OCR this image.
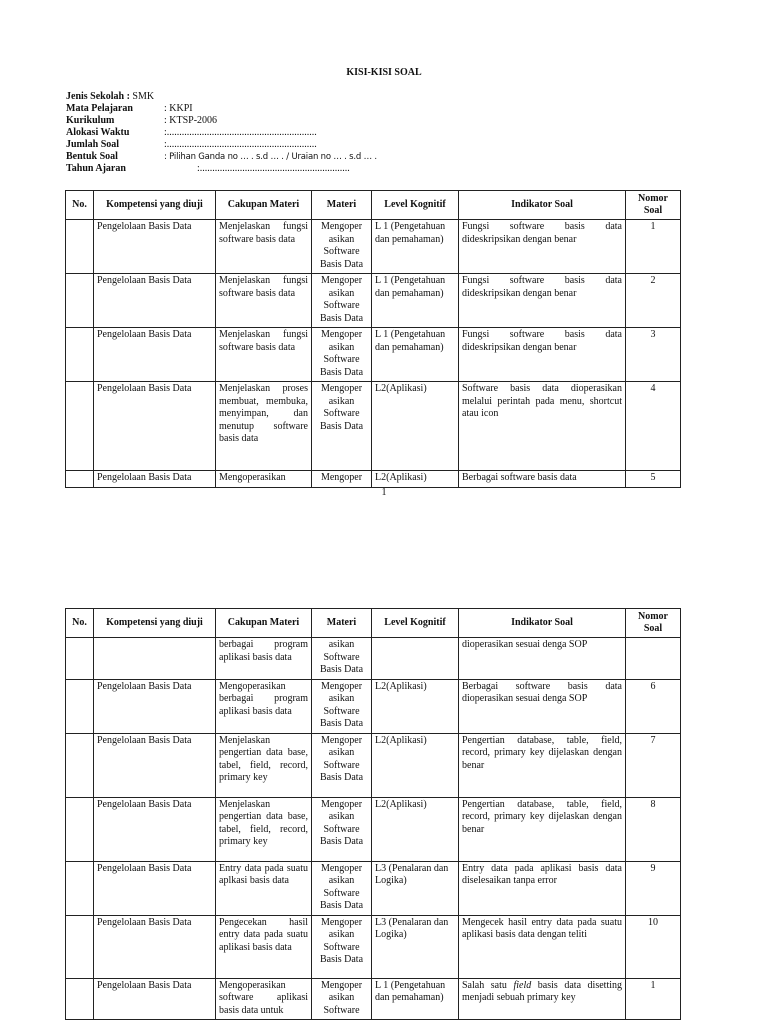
KISI-KISI SOAL
Jenis Sekolah : SMK
Mata Pelajaran	: KKPI
Kurikulum	: KTSP-2006
Alokasi Waktu	:............................................................
Jumlah Soal	:............................................................
Bentuk Soal	: Pilihan Ganda no … . s.d … . / Uraian no … . s.d … .
Tahun Ajaran	:............................................................
No.	Kompetensi yang diuji	Cakupan Materi	Materi	Level Kognitif	Indikator Soal	Nomor
Soal
	Pengelolaan Basis Data	Menjelaskan fungsi software basis data	Mengoper
asikan
Software
Basis Data	L 1 (Pengetahuan dan pemahaman)	Fungsi software basis data dideskripsikan dengan benar	1
	Pengelolaan Basis Data	Menjelaskan fungsi software basis data	Mengoper
asikan
Software
Basis Data	L 1 (Pengetahuan dan pemahaman)	Fungsi software basis data dideskripsikan dengan benar	2
	Pengelolaan Basis Data	Menjelaskan fungsi software basis data	Mengoper
asikan
Software
Basis Data	L 1 (Pengetahuan dan pemahaman)	Fungsi software basis data dideskripsikan dengan benar	3
	Pengelolaan Basis Data	Menjelaskan proses membuat, membuka, menyimpan, dan menutup software basis data	Mengoper
asikan
Software
Basis Data	L2(Aplikasi)	Software basis data dioperasikan melalui perintah pada menu, shortcut atau icon	4
	Pengelolaan Basis Data	Mengoperasikan	Mengoper	L2(Aplikasi)	Berbagai software basis data	5
1
No.	Kompetensi yang diuji	Cakupan Materi	Materi	Level Kognitif	Indikator Soal	Nomor
Soal
		berbagai program aplikasi basis data	asikan
Software
Basis Data		dioperasikan sesuai denga SOP	
	Pengelolaan Basis Data	Mengoperasikan berbagai program aplikasi basis data	Mengoper
asikan
Software
Basis Data	L2(Aplikasi)	Berbagai software basis data dioperasikan sesuai denga SOP	6
	Pengelolaan Basis Data	Menjelaskan pengertian data base, tabel, field, record, primary key	Mengoper
asikan
Software
Basis Data	L2(Aplikasi)	Pengertian database, table, field, record, primary key dijelaskan dengan benar	7
	Pengelolaan Basis Data	Menjelaskan pengertian data base, tabel, field, record, primary key	Mengoper
asikan
Software
Basis Data	L2(Aplikasi)	Pengertian database, table, field, record, primary key dijelaskan dengan benar	8
	Pengelolaan Basis Data	Entry data pada suatu aplkasi basis data	Mengoper
asikan
Software
Basis Data	L3 (Penalaran dan Logika)	Entry data pada aplikasi basis data diselesaikan tanpa error	9
	Pengelolaan Basis Data	Pengecekan hasil entry data pada suatu aplikasi basis data	Mengoper
asikan
Software
Basis Data	L3 (Penalaran dan Logika)	Mengecek hasil entry data pada suatu aplikasi basis data dengan teliti	10
	Pengelolaan Basis Data	Mengoperasikan software aplikasi basis data untuk	Mengoper
asikan
Software	L 1 (Pengetahuan dan pemahaman)	Salah satu field basis data disetting menjadi sebuah primary key	1
